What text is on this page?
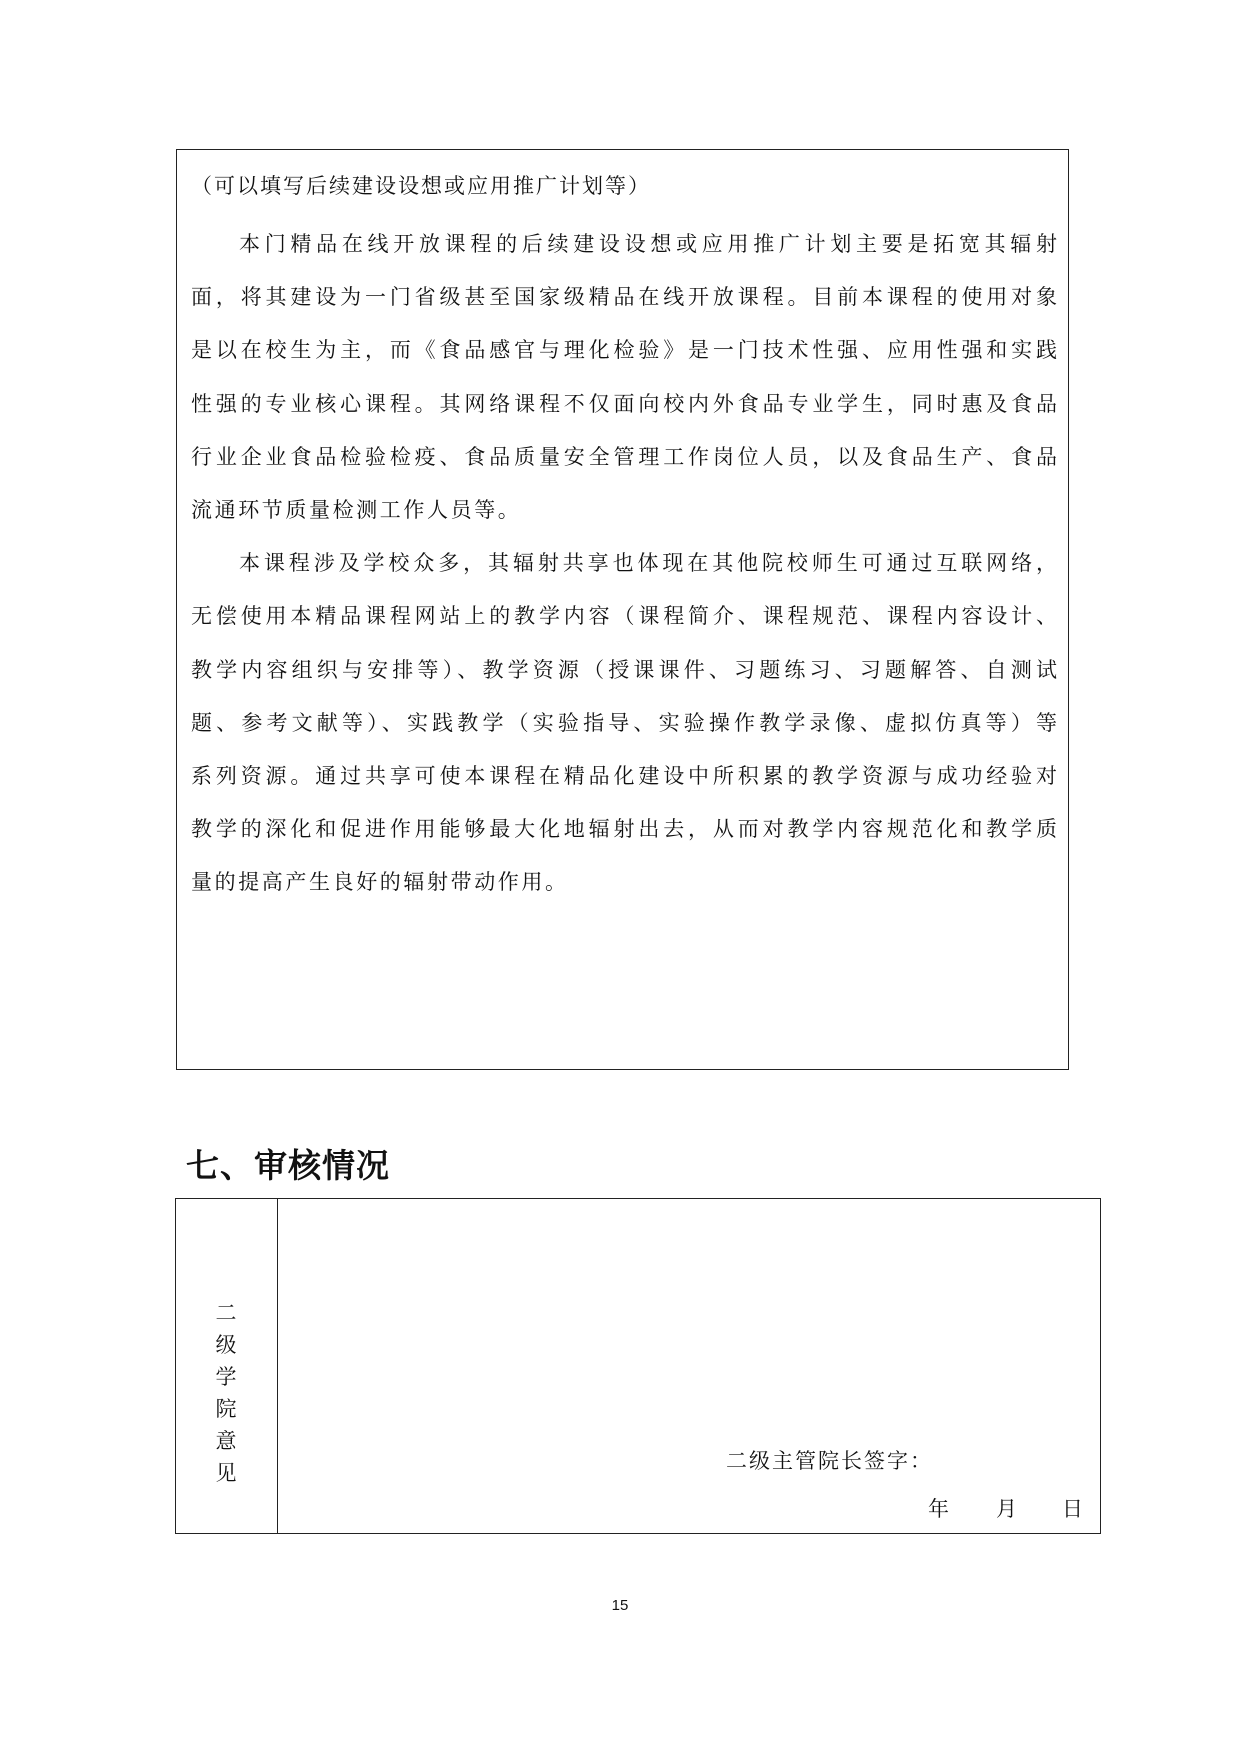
（可以填写后续建设设想或应用推广计划等）
本门精品在线开放课程的后续建设设想或应用推广计划主要是拓宽其辐射
面，将其建设为一门省级甚至国家级精品在线开放课程。目前本课程的使用对象
是以在校生为主，而《食品感官与理化检验》是一门技术性强、应用性强和实践
性强的专业核心课程。其网络课程不仅面向校内外食品专业学生，同时惠及食品
行业企业食品检验检疫、食品质量安全管理工作岗位人员，以及食品生产、食品
流通环节质量检测工作人员等。
本课程涉及学校众多，其辐射共享也体现在其他院校师生可通过互联网络，
无偿使用本精品课程网站上的教学内容（课程简介、课程规范、课程内容设计、
教学内容组织与安排等）、教学资源（授课课件、习题练习、习题解答、自测试
题、参考文献等）、实践教学（实验指导、实验操作教学录像、虚拟仿真等）等
系列资源。通过共享可使本课程在精品化建设中所积累的教学资源与成功经验对
教学的深化和促进作用能够最大化地辐射出去，从而对教学内容规范化和教学质
量的提高产生良好的辐射带动作用。
七、审核情况
二级学院意见	二级主管院长签字：
年 月 日
15
